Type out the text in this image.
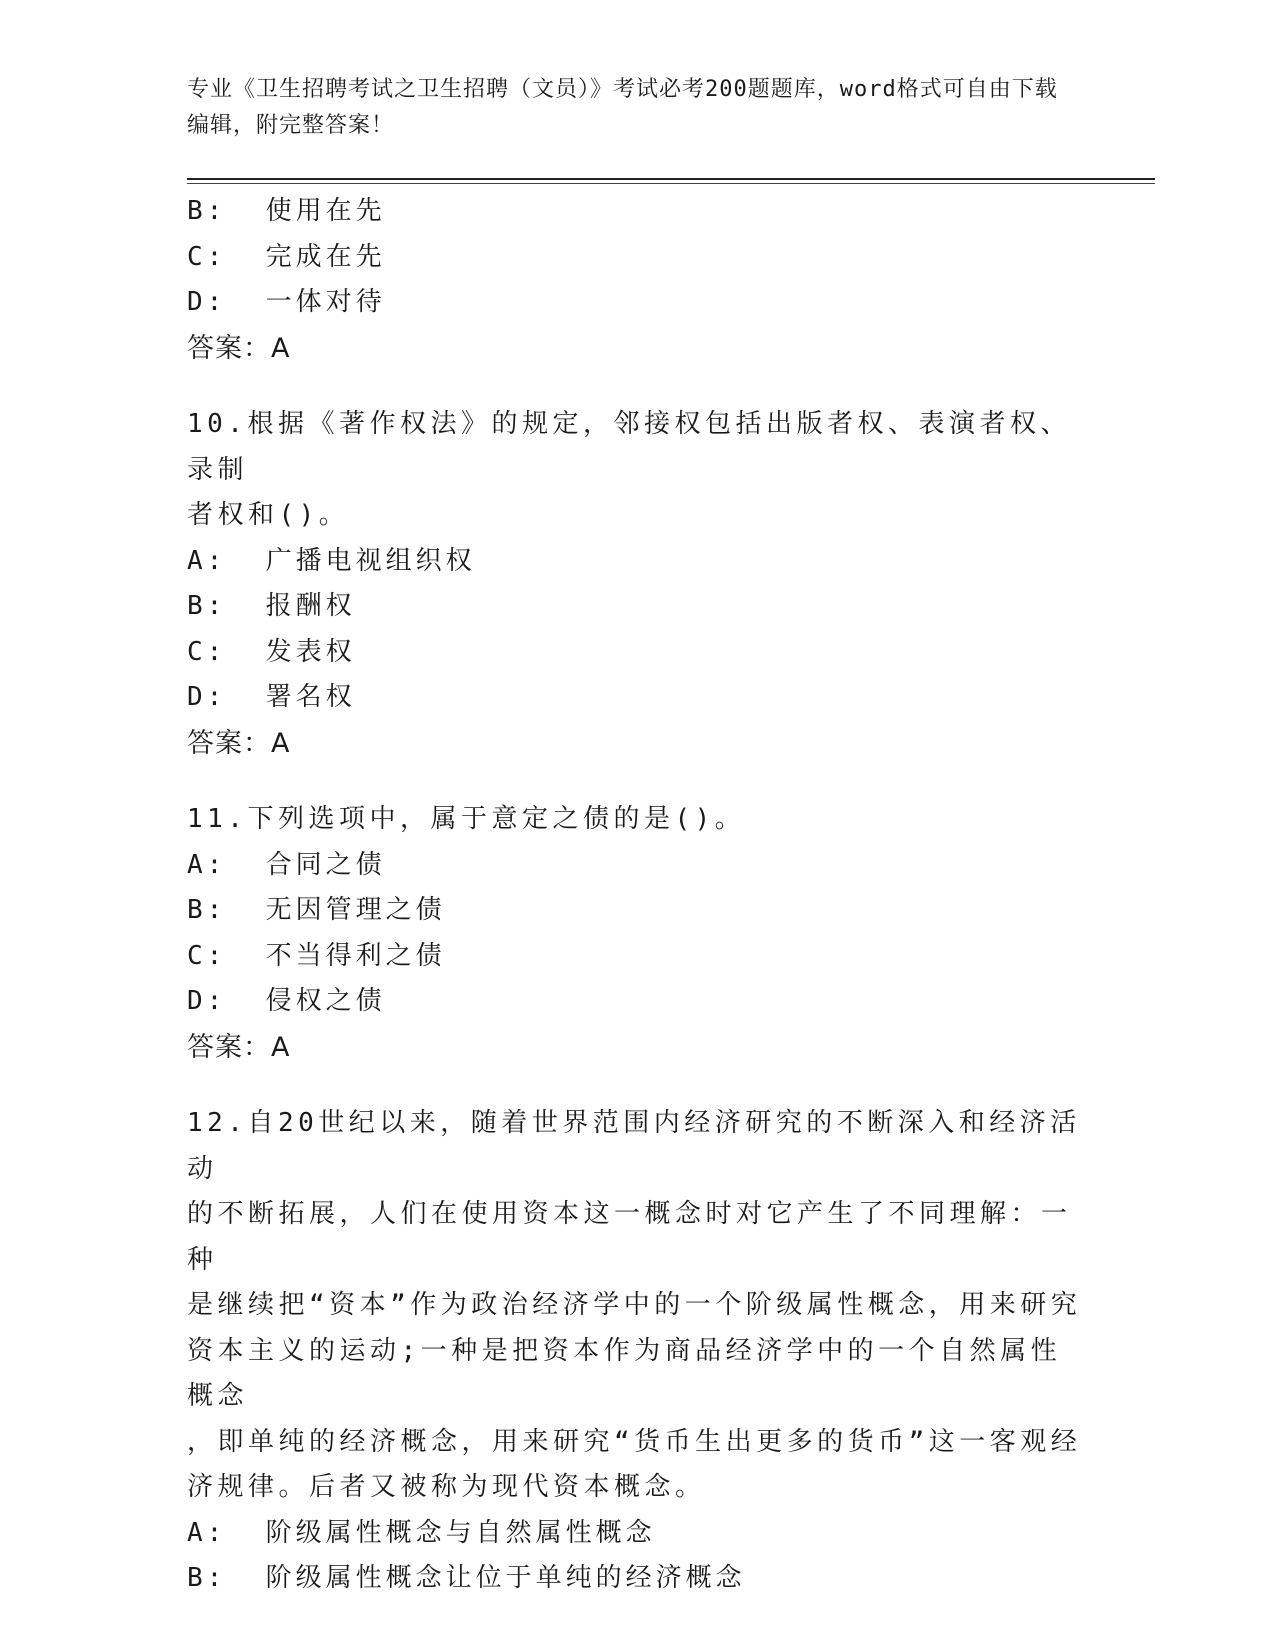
专业《卫生招聘考试之卫生招聘（文员）》考试必考200题题库，word格式可自由下载编辑，附完整答案！
B:  使用在先
C:  完成在先
D:  一体对待
答案：A
10.根据《著作权法》的规定，邻接权包括出版者权、表演者权、录制
者权和()。
A:  广播电视组织权
B:  报酬权
C:  发表权
D:  署名权
答案：A
11.下列选项中，属于意定之债的是()。
A:  合同之债
B:  无因管理之债
C:  不当得利之债
D:  侵权之债
答案：A
12.自20世纪以来，随着世界范围内经济研究的不断深入和经济活动
的不断拓展，人们在使用资本这一概念时对它产生了不同理解：一种
是继续把“资本”作为政治经济学中的一个阶级属性概念，用来研究
资本主义的运动;一种是把资本作为商品经济学中的一个自然属性概念
，即单纯的经济概念，用来研究“货币生出更多的货币”这一客观经
济规律。后者又被称为现代资本概念。
A:  阶级属性概念与自然属性概念
B:  阶级属性概念让位于单纯的经济概念
